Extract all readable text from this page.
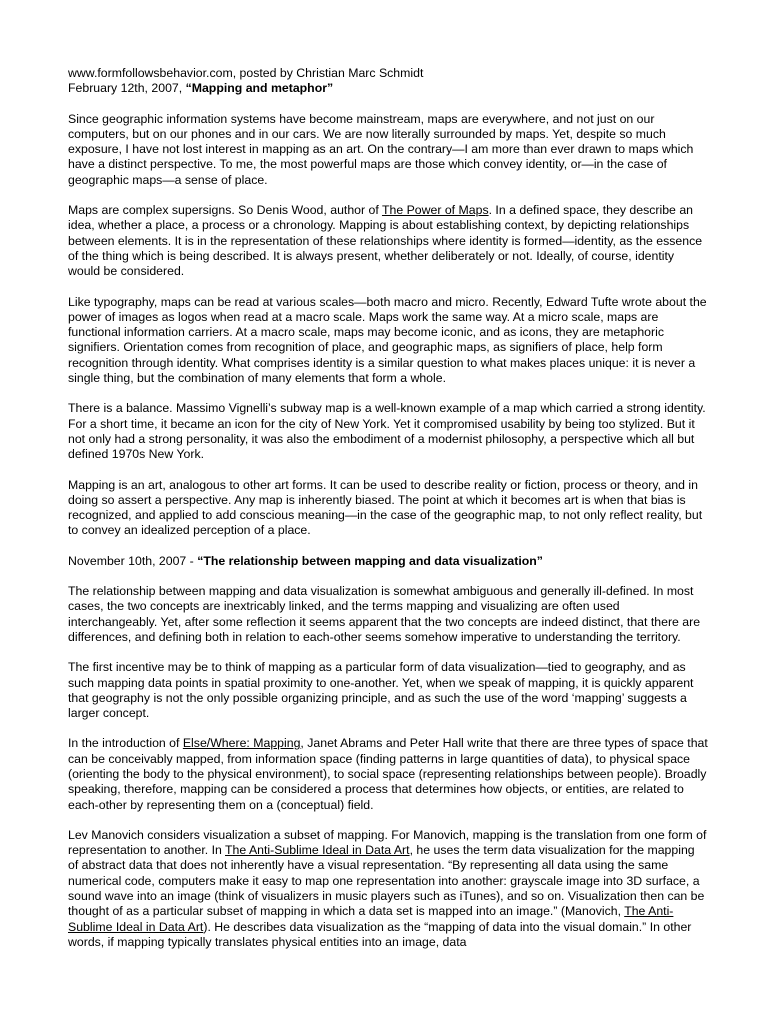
www.formfollowsbehavior.com, posted by Christian Marc Schmidt
February 12th, 2007, “Mapping and metaphor”

Since geographic information systems have become mainstream, maps are everywhere, and not just on our computers, but on our phones and in our cars. We are now literally surrounded by maps. Yet, despite so much exposure, I have not lost interest in mapping as an art. On the contrary—I am more than ever drawn to maps which have a distinct perspective. To me, the most powerful maps are those which convey identity, or—in the case of geographic maps—a sense of place.

Maps are complex supersigns. So Denis Wood, author of The Power of Maps. In a defined space, they describe an idea, whether a place, a process or a chronology. Mapping is about establishing context, by depicting relationships between elements. It is in the representation of these relationships where identity is formed—identity, as the essence of the thing which is being described. It is always present, whether deliberately or not. Ideally, of course, identity would be considered.

Like typography, maps can be read at various scales—both macro and micro. Recently, Edward Tufte wrote about the power of images as logos when read at a macro scale. Maps work the same way. At a micro scale, maps are functional information carriers. At a macro scale, maps may become iconic, and as icons, they are metaphoric signifiers. Orientation comes from recognition of place, and geographic maps, as signifiers of place, help form recognition through identity. What comprises identity is a similar question to what makes places unique: it is never a single thing, but the combination of many elements that form a whole.

There is a balance. Massimo Vignelli’s subway map is a well-known example of a map which carried a strong identity. For a short time, it became an icon for the city of New York. Yet it compromised usability by being too stylized. But it not only had a strong personality, it was also the embodiment of a modernist philosophy, a perspective which all but defined 1970s New York.

Mapping is an art, analogous to other art forms. It can be used to describe reality or fiction, process or theory, and in doing so assert a perspective. Any map is inherently biased. The point at which it becomes art is when that bias is recognized, and applied to add conscious meaning—in the case of the geographic map, to not only reflect reality, but to convey an idealized perception of a place.

November 10th, 2007 - “The relationship between mapping and data visualization”

The relationship between mapping and data visualization is somewhat ambiguous and generally ill-defined. In most cases, the two concepts are inextricably linked, and the terms mapping and visualizing are often used interchangeably. Yet, after some reflection it seems apparent that the two concepts are indeed distinct, that there are differences, and defining both in relation to each-other seems somehow imperative to understanding the territory.

The first incentive may be to think of mapping as a particular form of data visualization—tied to geography, and as such mapping data points in spatial proximity to one-another. Yet, when we speak of mapping, it is quickly apparent that geography is not the only possible organizing principle, and as such the use of the word ‘mapping’ suggests a larger concept.

In the introduction of Else/Where: Mapping, Janet Abrams and Peter Hall write that there are three types of space that can be conceivably mapped, from information space (finding patterns in large quantities of data), to physical space (orienting the body to the physical environment), to social space (representing relationships between people). Broadly speaking, therefore, mapping can be considered a process that determines how objects, or entities, are related to each-other by representing them on a (conceptual) field.

Lev Manovich considers visualization a subset of mapping. For Manovich, mapping is the translation from one form of representation to another. In The Anti-Sublime Ideal in Data Art, he uses the term data visualization for the mapping of abstract data that does not inherently have a visual representation. “By representing all data using the same numerical code, computers make it easy to map one representation into another: grayscale image into 3D surface, a sound wave into an image (think of visualizers in music players such as iTunes), and so on. Visualization then can be thought of as a particular subset of mapping in which a data set is mapped into an image.” (Manovich, The Anti-Sublime Ideal in Data Art). He describes data visualization as the “mapping of data into the visual domain.” In other words, if mapping typically translates physical entities into an image, data
